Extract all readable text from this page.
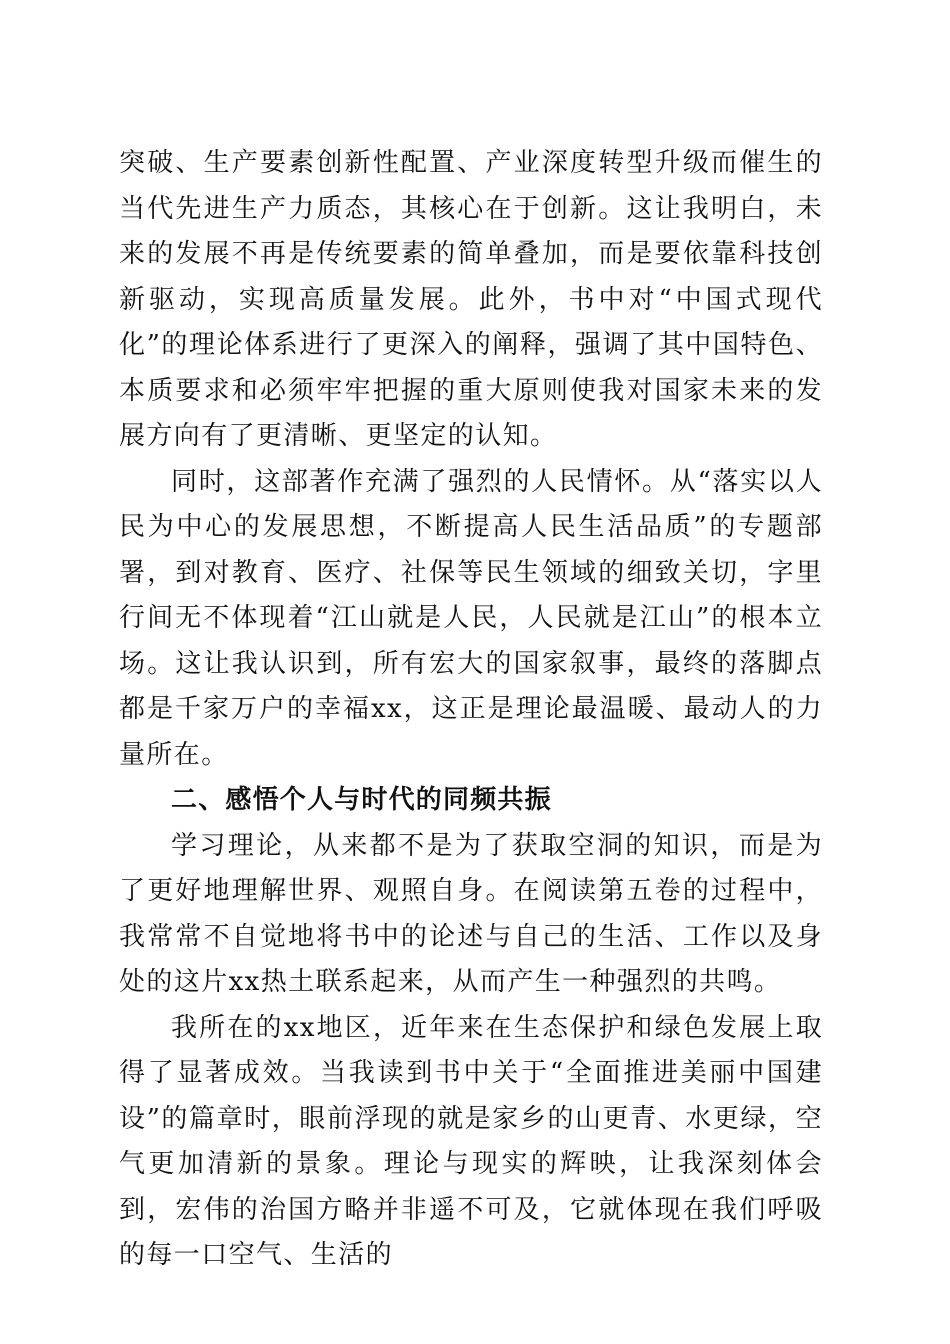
突破、生产要素创新性配置、产业深度转型升级而催生的当代先进生产力质态，其核心在于创新。这让我明白，未来的发展不再是传统要素的简单叠加，而是要依靠科技创新驱动，实现高质量发展。此外，书中对“中国式现代化”的理论体系进行了更深入的阐释，强调了其中国特色、本质要求和必须牢牢把握的重大原则使我对国家未来的发展方向有了更清晰、更坚定的认知。

同时，这部著作充满了强烈的人民情怀。从“落实以人民为中心的发展思想，不断提高人民生活品质”的专题部署，到对教育、医疗、社保等民生领域的细致关切，字里行间无不体现着“江山就是人民，人民就是江山”的根本立场。这让我认识到，所有宏大的国家叙事，最终的落脚点都是千家万户的幸福xx，这正是理论最温暖、最动人的力量所在。

二、感悟个人与时代的同频共振

学习理论，从来都不是为了获取空洞的知识，而是为了更好地理解世界、观照自身。在阅读第五卷的过程中，我常常不自觉地将书中的论述与自己的生活、工作以及身处的这片xx热土联系起来，从而产生一种强烈的共鸣。

我所在的xx地区，近年来在生态保护和绿色发展上取得了显著成效。当我读到书中关于“全面推进美丽中国建设”的篇章时，眼前浮现的就是家乡的山更青、水更绿，空气更加清新的景象。理论与现实的辉映，让我深刻体会到，宏伟的治国方略并非遥不可及，它就体现在我们呼吸的每一口空气、生活的
